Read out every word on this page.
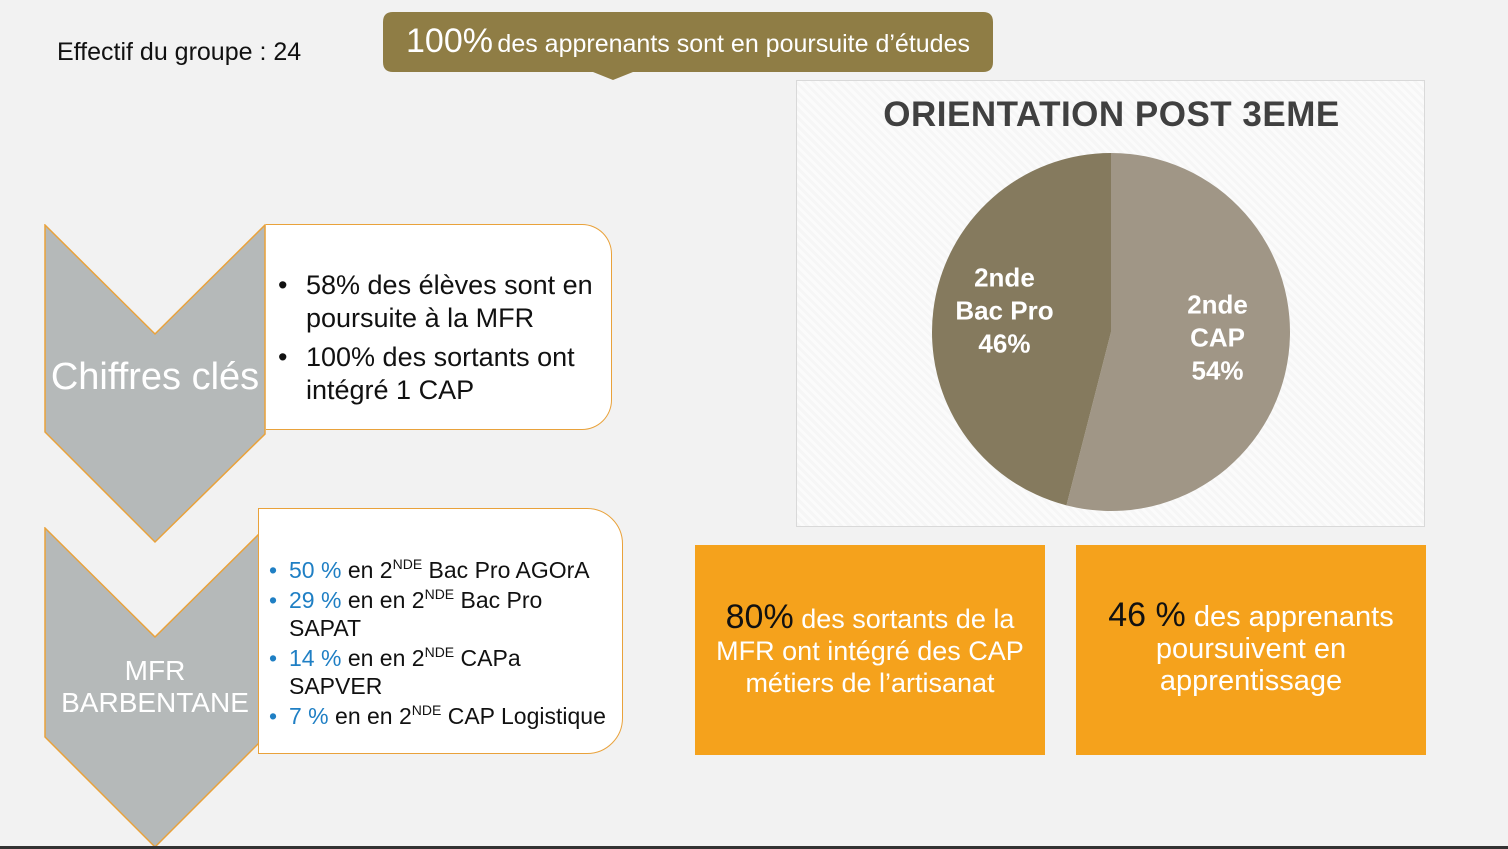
Effectif du groupe : 24	100% des apprenants sont en poursuite d’études
Chiffres clés
• 58% des élèves sont en poursuite à la MFR
• 100% des sortants ont intégré 1 CAP
MFR
BARBENTANE
• 50 % en 2NDE Bac Pro AGOrA
• 29 % en en 2NDE Bac Pro SAPAT
• 14 % en en 2NDE CAPa SAPVER
• 7 % en en 2NDE CAP Logistique
ORIENTATION POST 3EME
2nde CAP 54%
2nde Bac Pro 46%
80% des sortants de la MFR ont intégré des CAP métiers de l’artisanat
46 % des apprenants poursuivent en apprentissage
